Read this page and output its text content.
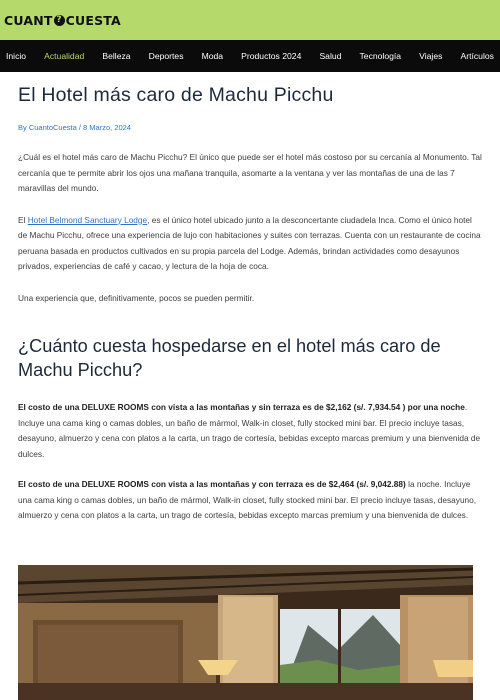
CUANT ? CUESTA
Inicio Actualidad Belleza Deportes Moda Productos 2024 Salud Tecnología Viajes Artículos
El Hotel más caro de Machu Picchu
By CuantoCuesta / 8 Marzo, 2024

¿Cuál es el hotel más caro de Machu Picchu? El único que puede ser el hotel más costoso por su cercanía al Monumento. Tal cercanía que te permite abrir los ojos una mañana tranquila, asomarte a la ventana y ver las montañas de una de las 7 maravillas del mundo.

El Hotel Belmond Sanctuary Lodge, es el único hotel ubicado junto a la desconcertante ciudadela Inca. Como el único hotel de Machu Picchu, ofrece una experiencia de lujo con habitaciones y suites con terrazas. Cuenta con un restaurante de cocina peruana basada en productos cultivados en su propia parcela del Lodge. Además, brindan actividades como desayunos privados, experiencias de café y cacao, y lectura de la hoja de coca.

Una experiencia que, definitivamente, pocos se pueden permitir.

¿Cuánto cuesta hospedarse en el hotel más caro de Machu Picchu?

El costo de una DELUXE ROOMS con vista a las montañas y sin terraza es de $2,162 (s/. 7,934.54 ) por una noche. Incluye una cama king o camas dobles, un baño de mármol, Walk-in closet, fully stocked mini bar. El precio incluye tasas, desayuno, almuerzo y cena con platos a la carta, un trago de cortesía, bebidas excepto marcas premium y una bienvenida de dulces.

El costo de una DELUXE ROOMS con vista a las montañas y con terraza es de $2,464 (s/. 9,042.88) la noche. Incluye una cama king o camas dobles, un baño de mármol, Walk-in closet, fully stocked mini bar. El precio incluye tasas, desayuno, almuerzo y cena con platos a la carta, un trago de cortesía, bebidas excepto marcas premium y una bienvenida de dulces.
